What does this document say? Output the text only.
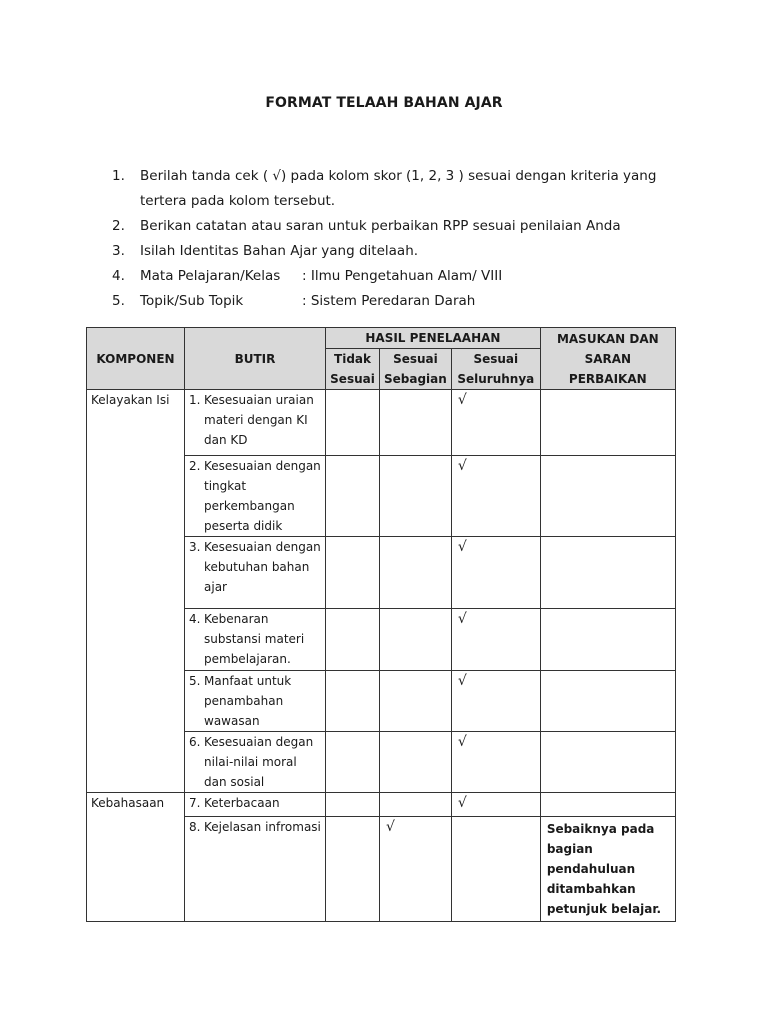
FORMAT TELAAH BAHAN AJAR
1.	Berilah tanda cek ( √) pada kolom skor (1, 2, 3 ) sesuai dengan kriteria yang tertera pada kolom tersebut.
2.	Berikan catatan atau saran untuk perbaikan RPP sesuai penilaian Anda
3.	Isilah Identitas Bahan Ajar yang ditelaah.
4.	Mata Pelajaran/Kelas : Ilmu Pengetahuan Alam/ VIII
5.	Topik/Sub Topik	: Sistem Peredaran Darah
KOMPONEN	BUTIR	HASIL PENELAAHAN			MASUKAN DAN SARAN PERBAIKAN
		Tidak Sesuai	Sesuai Sebagian	Sesuai Seluruhnya	
Kelayakan Isi	1. Kesesuaian uraian materi dengan KI dan KD			√	

	2. Kesesuaian dengan tingkat perkembangan peserta didik			√	

	3. Kesesuaian dengan kebutuhan bahan ajar			√	

	4. Kebenaran substansi materi pembelajaran.			√	

	5. Manfaat untuk penambahan wawasan			√	

	6. Kesesuaian degan nilai-nilai moral dan sosial			√	
Kebahasaan	7. Keterbacaan			√	

	8. Kejelasan infromasi		√		Sebaiknya pada bagian pendahuluan ditambahkan petunjuk belajar.
